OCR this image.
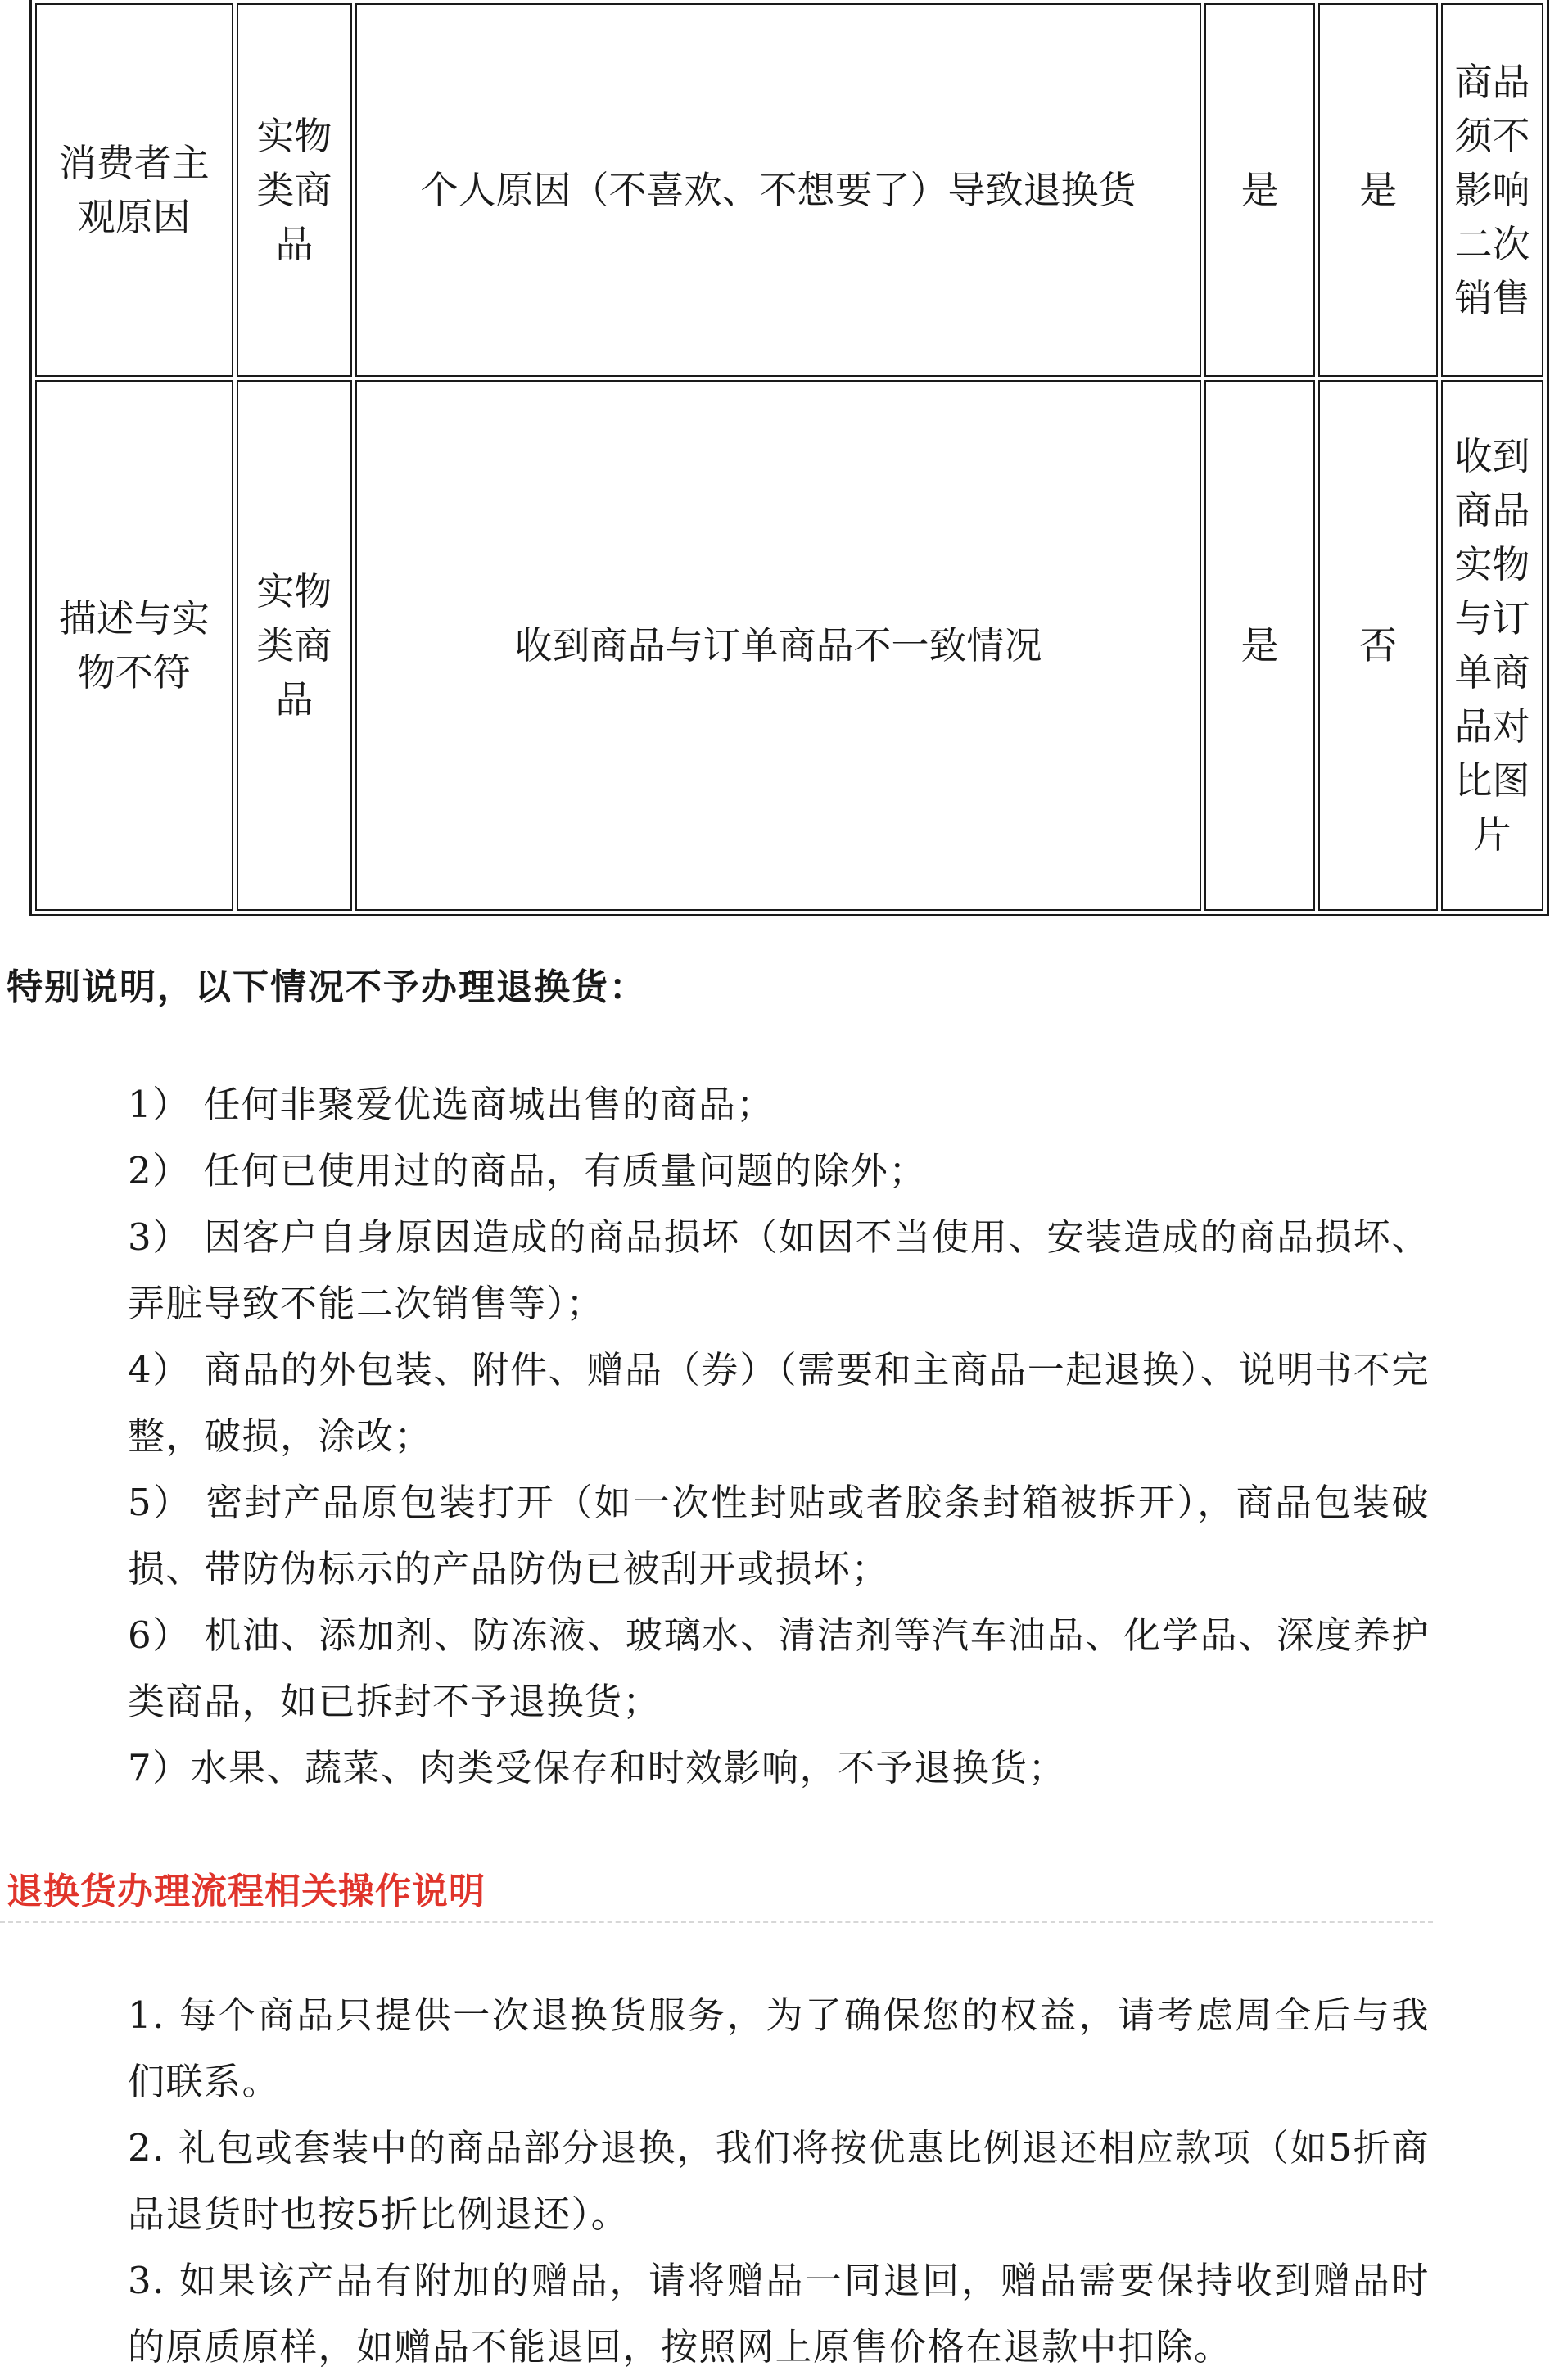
消费者主观原因	实物类商品	个人原因（不喜欢、不想要了）导致退换货	是	是	商品须不影响二次销售
描述与实物不符	实物类商品	收到商品与订单商品不一致情况	是	否	收到商品实物与订单商品对比图片
特别说明，以下情况不予办理退换货：
1） 任何非聚爱优选商城出售的商品；
2） 任何已使用过的商品，有质量问题的除外；
3） 因客户自身原因造成的商品损坏（如因不当使用、安装造成的商品损坏、弄脏导致不能二次销售等）；
4） 商品的外包装、附件、赠品（券）（需要和主商品一起退换）、说明书不完整，破损，涂改；
5） 密封产品原包装打开（如一次性封贴或者胶条封箱被拆开），商品包装破损、带防伪标示的产品防伪已被刮开或损坏；
6） 机油、添加剂、防冻液、玻璃水、清洁剂等汽车油品、化学品、深度养护类商品，如已拆封不予退换货；
7）水果、蔬菜、肉类受保存和时效影响，不予退换货；
退换货办理流程相关操作说明
1. 每个商品只提供一次退换货服务，为了确保您的权益，请考虑周全后与我们联系。
2. 礼包或套装中的商品部分退换，我们将按优惠比例退还相应款项（如5折商品退货时也按5折比例退还）。
3. 如果该产品有附加的赠品，请将赠品一同退回，赠品需要保持收到赠品时的原质原样，如赠品不能退回，按照网上原售价格在退款中扣除。
